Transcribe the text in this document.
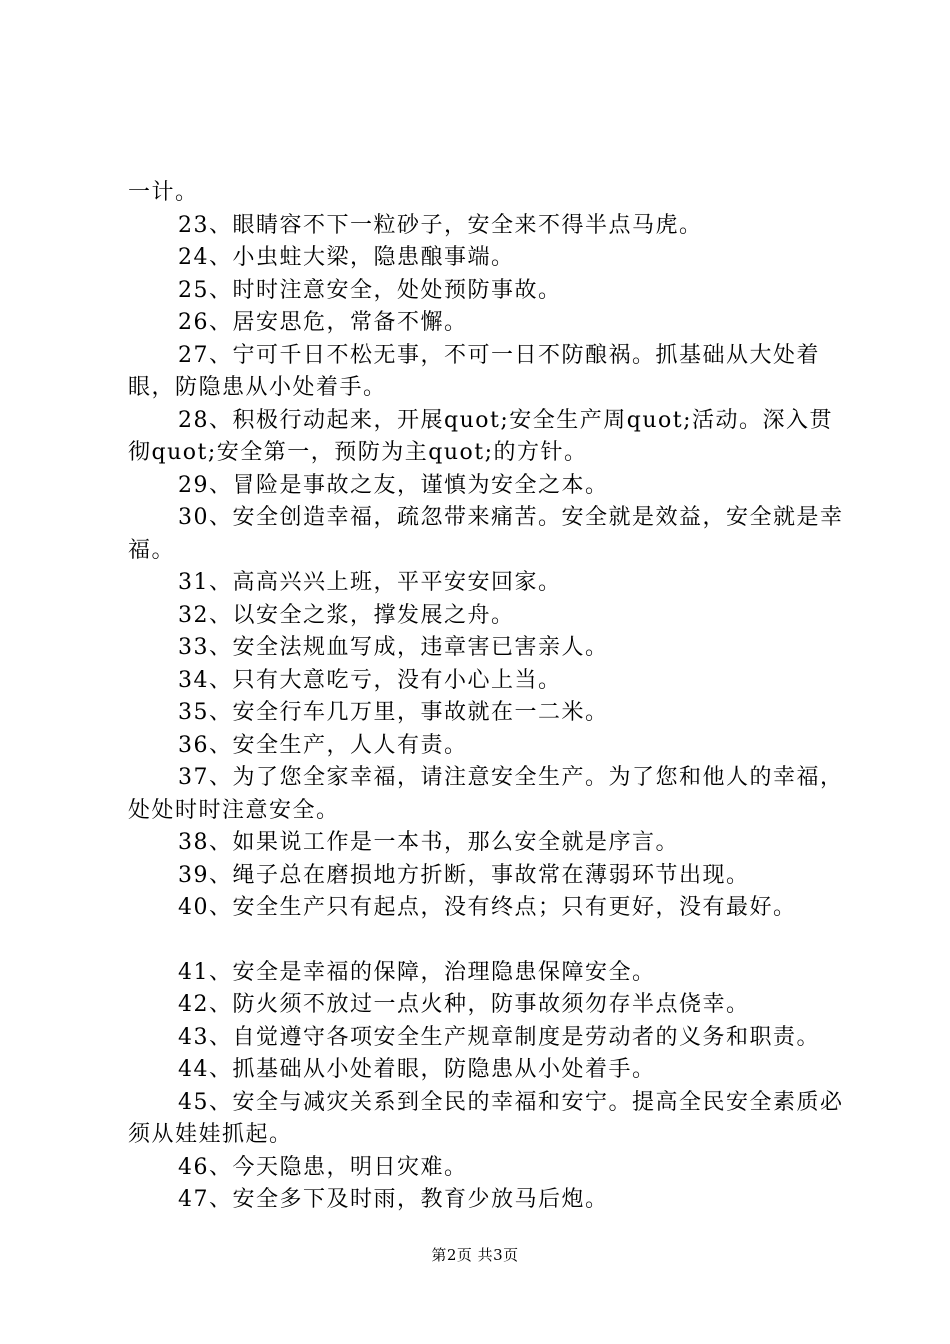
一计。

23、眼睛容不下一粒砂子，安全来不得半点马虎。

24、小虫蛀大梁，隐患酿事端。

25、时时注意安全，处处预防事故。

26、居安思危，常备不懈。

27、宁可千日不松无事，不可一日不防酿祸。抓基础从大处着眼，防隐患从小处着手。

28、积极行动起来，开展quot;安全生产周quot;活动。深入贯彻quot;安全第一，预防为主quot;的方针。

29、冒险是事故之友，谨慎为安全之本。

30、安全创造幸福，疏忽带来痛苦。安全就是效益，安全就是幸福。

31、高高兴兴上班，平平安安回家。

32、以安全之浆，撑发展之舟。

33、安全法规血写成，违章害已害亲人。

34、只有大意吃亏，没有小心上当。

35、安全行车几万里，事故就在一二米。

36、安全生产，人人有责。

37、为了您全家幸福，请注意安全生产。为了您和他人的幸福，处处时时注意安全。

38、如果说工作是一本书，那么安全就是序言。

39、绳子总在磨损地方折断，事故常在薄弱环节出现。

40、安全生产只有起点，没有终点；只有更好，没有最好。

41、安全是幸福的保障，治理隐患保障安全。

42、防火须不放过一点火种，防事故须勿存半点侥幸。

43、自觉遵守各项安全生产规章制度是劳动者的义务和职责。

44、抓基础从小处着眼，防隐患从小处着手。

45、安全与减灾关系到全民的幸福和安宁。提高全民安全素质必须从娃娃抓起。

46、今天隐患，明日灾难。

47、安全多下及时雨，教育少放马后炮。

第2页 共3页
